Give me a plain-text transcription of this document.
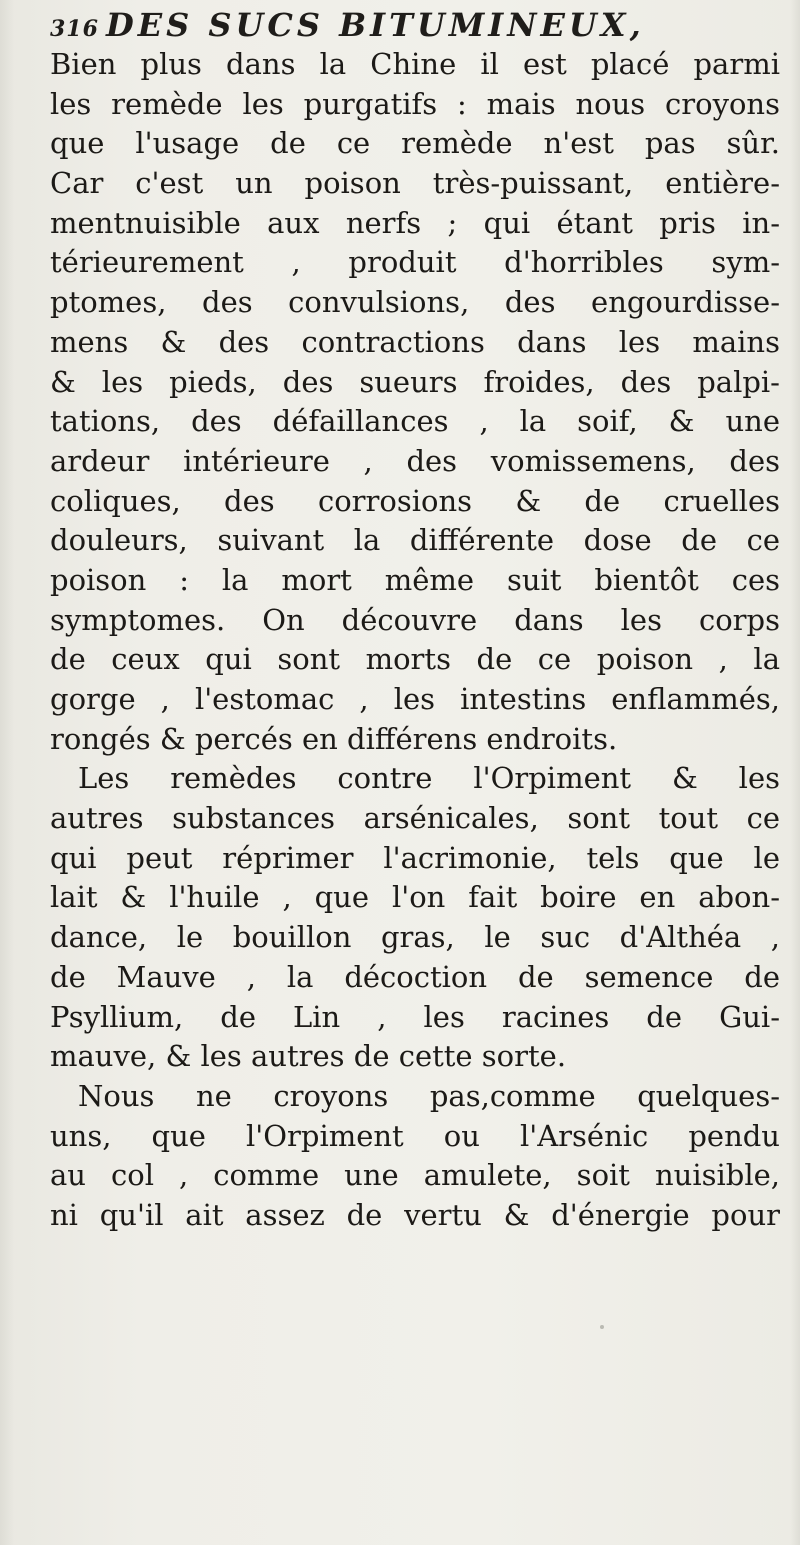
316 DES SUCS BITUMINEUX,
Bien plus dans la Chine il est placé parmi
les remède les purgatifs : mais nous croyons
que l'usage de ce remède n'est pas sûr.
Car c'est un poison très-puissant, entière-
mentnuisible aux nerfs ; qui étant pris in-
térieurement , produit d'horribles sym-
ptomes, des convulsions, des engourdisse-
mens & des contractions dans les mains
& les pieds, des sueurs froides, des palpi-
tations, des défaillances , la soif, & une
ardeur intérieure , des vomissemens, des
coliques, des corrosions & de cruelles
douleurs, suivant la différente dose de ce
poison : la mort même suit bientôt ces
symptomes. On découvre dans les corps
de ceux qui sont morts de ce poison , la
gorge , l'estomac , les intestins enflammés,
rongés & percés en différens endroits.
Les remèdes contre l'Orpiment & les
autres substances arsénicales, sont tout ce
qui peut réprimer l'acrimonie, tels que le
lait & l'huile , que l'on fait boire en abon-
dance, le bouillon gras, le suc d'Althéa ,
de Mauve , la décoction de semence de
Psyllium, de Lin , les racines de Gui-
mauve, & les autres de cette sorte.
Nous ne croyons pas,comme quelques-
uns, que l'Orpiment ou l'Arsénic pendu
au col , comme une amulete, soit nuisible,
ni qu'il ait assez de vertu & d'énergie pour
